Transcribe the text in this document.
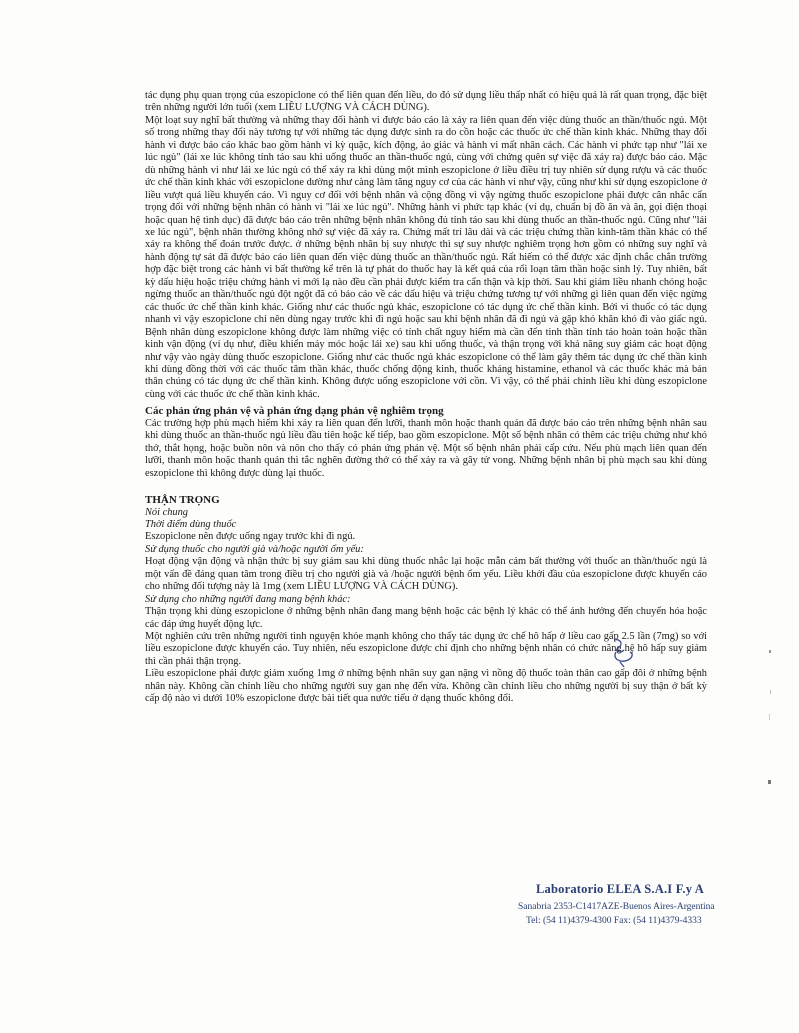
tác dụng phụ quan trọng của eszopiclone có thể liên quan đến liều, do đó sử dụng liều thấp nhất có hiệu quả là rất quan trọng, đặc biệt trên những người lớn tuổi (xem LIỀU LƯỢNG VÀ CÁCH DÙNG).

Một loạt suy nghĩ bất thường và những thay đổi hành vi được báo cáo là xảy ra liên quan đến việc dùng thuốc an thần/thuốc ngủ. Một số trong những thay đổi này tương tự với những tác dụng được sinh ra do cồn hoặc các thuốc ức chế thần kinh khác. Những thay đổi hành vi được báo cáo khác bao gồm hành vi kỳ quặc, kích động, ảo giác và hành vi mất nhân cách. Các hành vi phức tạp như "lái xe lúc ngủ" (lái xe lúc không tỉnh táo sau khi uống thuốc an thần-thuốc ngủ, cùng với chứng quên sự việc đã xảy ra) được báo cáo. Mặc dù những hành vi như lái xe lúc ngủ có thể xảy ra khi dùng một mình eszopiclone ở liều điều trị tuy nhiên sử dụng rượu và các thuốc ức chế thần kinh khác với eszopiclone dường như càng làm tăng nguy cơ của các hành vi như vậy, cũng như khi sử dụng eszopiclone ở liều vượt quá liều khuyến cáo. Vì nguy cơ đối với bệnh nhân và cộng đồng vì vậy ngừng thuốc eszopiclone phải được cân nhắc cẩn trọng đối với những bệnh nhân có hành vi "lái xe lúc ngủ". Những hành vi phức tạp khác (ví dụ, chuẩn bị đồ ăn và ăn, gọi điện thoại hoặc quan hệ tình dục) đã được báo cáo trên những bệnh nhân không đủ tỉnh táo sau khi dùng thuốc an thần-thuốc ngủ. Cũng như "lái xe lúc ngủ", bệnh nhân thường không nhớ sự việc đã xảy ra. Chứng mất trí lâu dài và các triệu chứng thần kinh-tâm thần khác có thể xảy ra không thể đoán trước được. ở những bệnh nhân bị suy nhược thì sự suy nhược nghiêm trọng hơn gồm có những suy nghĩ và hành động tự sát đã được báo cáo liên quan đến việc dùng thuốc an thần/thuốc ngủ. Rất hiếm có thể được xác định chắc chắn trường hợp đặc biệt trong các hành vi bất thường kể trên là tự phát do thuốc hay là kết quả của rối loạn tâm thần hoặc sinh lý. Tuy nhiên, bất kỳ dấu hiệu hoặc triệu chứng hành vi mới lạ nào đều cần phải được kiểm tra cẩn thận và kịp thời. Sau khi giảm liều nhanh chóng hoặc ngừng thuốc an thần/thuốc ngủ đột ngột đã có báo cáo về các dấu hiệu và triệu chứng tương tự với những gì liên quan đến việc ngừng các thuốc ức chế thần kinh khác. Giống như các thuốc ngủ khác, eszopiclone có tác dụng ức chế thần kinh. Bởi vì thuốc có tác dụng nhanh vì vậy eszopiclone chỉ nên dùng ngay trước khi đi ngủ hoặc sau khi bệnh nhân đã đi ngủ và gặp khó khăn khó đi vào giấc ngủ. Bệnh nhân dùng eszopiclone không được làm những việc có tính chất nguy hiểm mà cần đến tinh thần tỉnh táo hoàn toàn hoặc thần kinh vận động (ví dụ như, điều khiển máy móc hoặc lái xe) sau khi uống thuốc, và thận trọng với khả năng suy giảm các hoạt động như vậy vào ngày dùng thuốc eszopiclone. Giống như các thuốc ngủ khác eszopiclone có thể làm gây thêm tác dụng ức chế thần kinh khi dùng đồng thời với các thuốc tâm thần khác, thuốc chống động kinh, thuốc kháng histamine, ethanol và các thuốc khác mà bản thân chúng có tác dụng ức chế thần kinh. Không được uống eszopiclone với cồn. Vì vậy, có thể phải chỉnh liều khi dùng eszopiclone cùng với các thuốc ức chế thần kinh khác.

Các phản ứng phản vệ và phản ứng dạng phản vệ nghiêm trọng

Các trường hợp phù mạch hiếm khi xảy ra liên quan đến lưỡi, thanh môn hoặc thanh quản đã được báo cáo trên những bệnh nhân sau khi dùng thuốc an thần-thuốc ngủ liều đầu tiên hoặc kế tiếp, bao gồm eszopiclone. Một số bệnh nhân có thêm các triệu chứng như khó thở, thắt họng, hoặc buồn nôn và nôn cho thấy có phản ứng phản vệ. Một số bệnh nhân phải cấp cứu. Nếu phù mạch liên quan đến lưỡi, thanh môn hoặc thanh quản thì tắc nghẽn đường thở có thể xảy ra và gây tử vong. Những bệnh nhân bị phù mạch sau khi dùng eszopiclone thì không được dùng lại thuốc.

THẬN TRỌNG

Nói chung

Thời điểm dùng thuốc

Eszopiclone nên được uống ngay trước khi đi ngủ.

Sử dụng thuốc cho người già và/hoặc người ốm yếu:

Hoạt động vận động và nhận thức bị suy giảm sau khi dùng thuốc nhắc lại hoặc mẫn cảm bất thường với thuốc an thần/thuốc ngủ là một vấn đề đáng quan tâm trong điều trị cho người già và /hoặc người bệnh ốm yếu. Liều khởi đầu của eszopiclone được khuyến cáo cho những đối tượng này là 1mg (xem LIỀU LƯỢNG VÀ CÁCH DÙNG).

Sử dụng cho những người đang mang bệnh khác:

Thận trọng khi dùng eszopiclone ở những bệnh nhân đang mang bệnh hoặc các bệnh lý khác có thể ảnh hưởng đến chuyển hóa hoặc các đáp ứng huyết động lực.

Một nghiên cứu trên những người tình nguyện khỏe mạnh không cho thấy tác dụng ức chế hô hấp ở liều cao gấp 2.5 lần (7mg) so với liều eszopiclone được khuyến cáo. Tuy nhiên, nếu eszopiclone được chỉ định cho những bệnh nhân có chức năng hệ hô hấp suy giảm thì cần phải thận trọng.

Liều eszopiclone phải được giảm xuống 1mg ở những bệnh nhân suy gan nặng vì nồng độ thuốc toàn thân cao gấp đôi ở những bệnh nhân này. Không cần chỉnh liều cho những người suy gan nhẹ đến vừa. Không cần chỉnh liều cho những người bị suy thận ở bất kỳ cấp độ nào vì dưới 10% eszopiclone được bài tiết qua nước tiểu ở dạng thuốc không đổi.

Laboratorio ELEA S.A.I F.y A
Sanabria 2353-C1417AZE-Buenos Aires-Argentina
Tel: (54 11)4379-4300 Fax: (54 11)4379-4333
